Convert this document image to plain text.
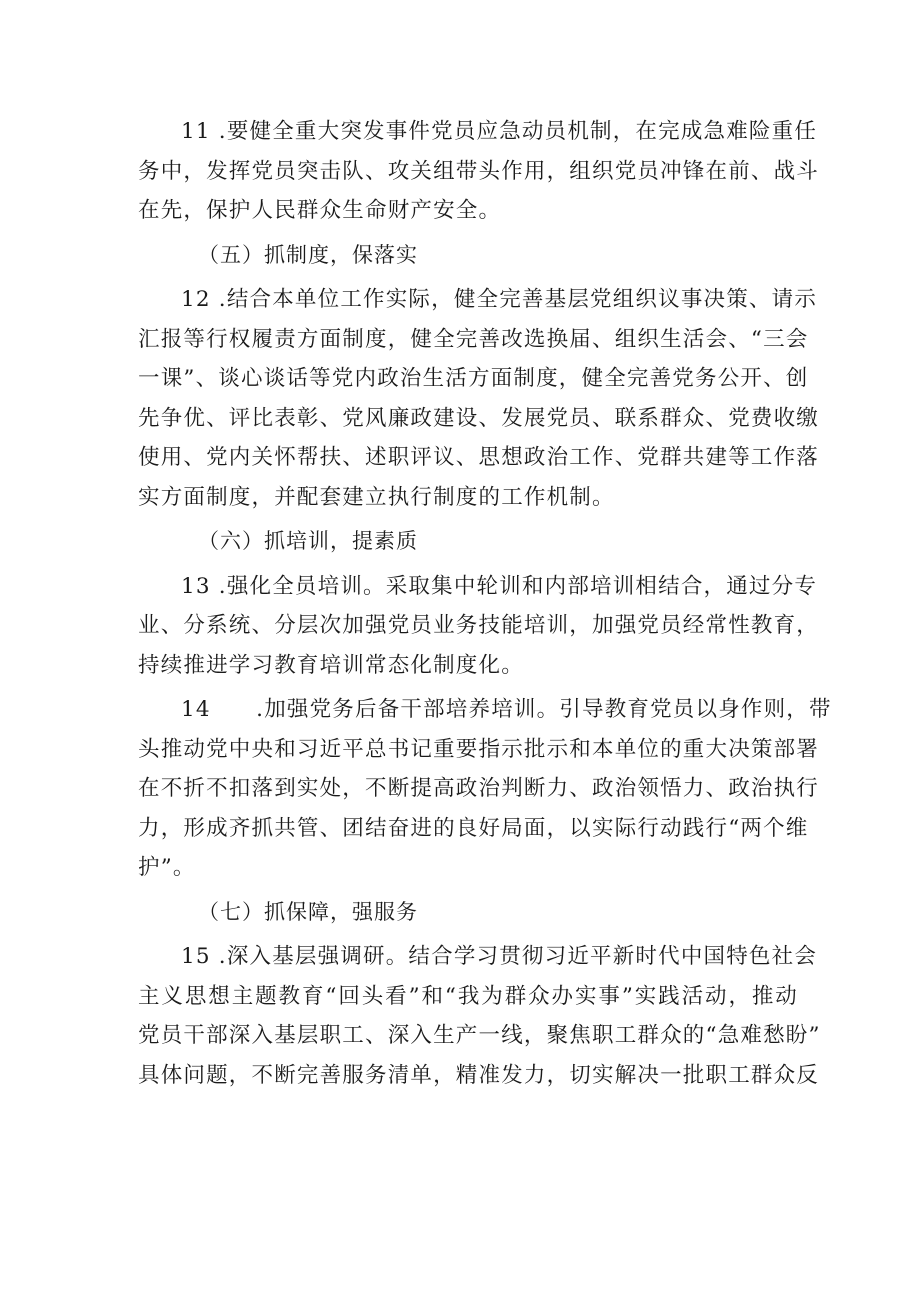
11 .要健全重大突发事件党员应急动员机制，在完成急难险重任
务中，发挥党员突击队、攻关组带头作用，组织党员冲锋在前、战斗
在先，保护人民群众生命财产安全。
（五）抓制度，保落实
12 .结合本单位工作实际，健全完善基层党组织议事决策、请示
汇报等行权履责方面制度，健全完善改选换届、组织生活会、“三会
一课”、谈心谈话等党内政治生活方面制度，健全完善党务公开、创
先争优、评比表彰、党风廉政建设、发展党员、联系群众、党费收缴
使用、党内关怀帮扶、述职评议、思想政治工作、党群共建等工作落
实方面制度，并配套建立执行制度的工作机制。
（六）抓培训，提素质
13 .强化全员培训。采取集中轮训和内部培训相结合，通过分专
业、分系统、分层次加强党员业务技能培训，加强党员经常性教育，
持续推进学习教育培训常态化制度化。
14　　.加强党务后备干部培养培训。引导教育党员以身作则，带
头推动党中央和习近平总书记重要指示批示和本单位的重大决策部署
在不折不扣落到实处，不断提高政治判断力、政治领悟力、政治执行
力，形成齐抓共管、团结奋进的良好局面，以实际行动践行“两个维
护”。
（七）抓保障，强服务
15 .深入基层强调研。结合学习贯彻习近平新时代中国特色社会
主义思想主题教育“回头看”和“我为群众办实事”实践活动，推动
党员干部深入基层职工、深入生产一线，聚焦职工群众的“急难愁盼”
具体问题，不断完善服务清单，精准发力，切实解决一批职工群众反
